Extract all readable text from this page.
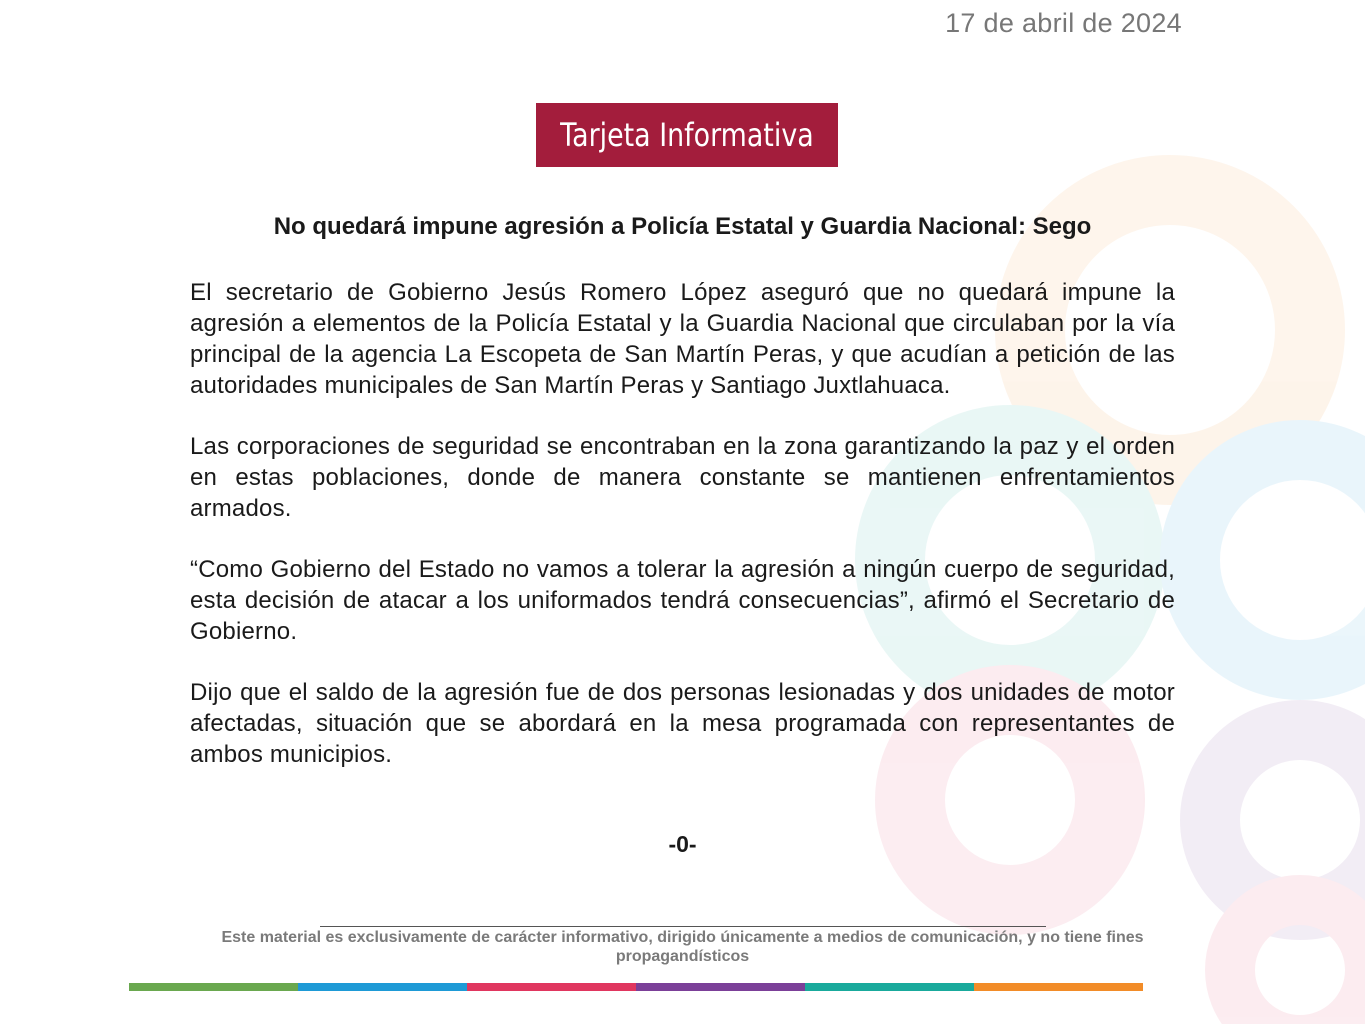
17 de abril de 2024
Tarjeta Informativa
No quedará impune agresión a Policía Estatal y Guardia Nacional: Sego

El secretario de Gobierno Jesús Romero López aseguró que no quedará impune la agresión a elementos de la Policía Estatal y la Guardia Nacional que circulaban por la vía principal de la agencia La Escopeta de San Martín Peras, y que acudían a petición de las autoridades municipales de San Martín Peras y Santiago Juxtlahuaca.

Las corporaciones de seguridad se encontraban en la zona garantizando la paz y el orden en estas poblaciones, donde de manera constante se mantienen enfrentamientos armados.

“Como Gobierno del Estado no vamos a tolerar la agresión a ningún cuerpo de seguridad, esta decisión de atacar a los uniformados tendrá consecuencias”, afirmó el Secretario de Gobierno.

Dijo que el saldo de la agresión fue de dos personas lesionadas y dos unidades de motor afectadas, situación que se abordará en la mesa programada con representantes de ambos municipios.

-0-
Este material es exclusivamente de carácter informativo, dirigido únicamente a medios de comunicación, y no tiene fines propagandísticos
